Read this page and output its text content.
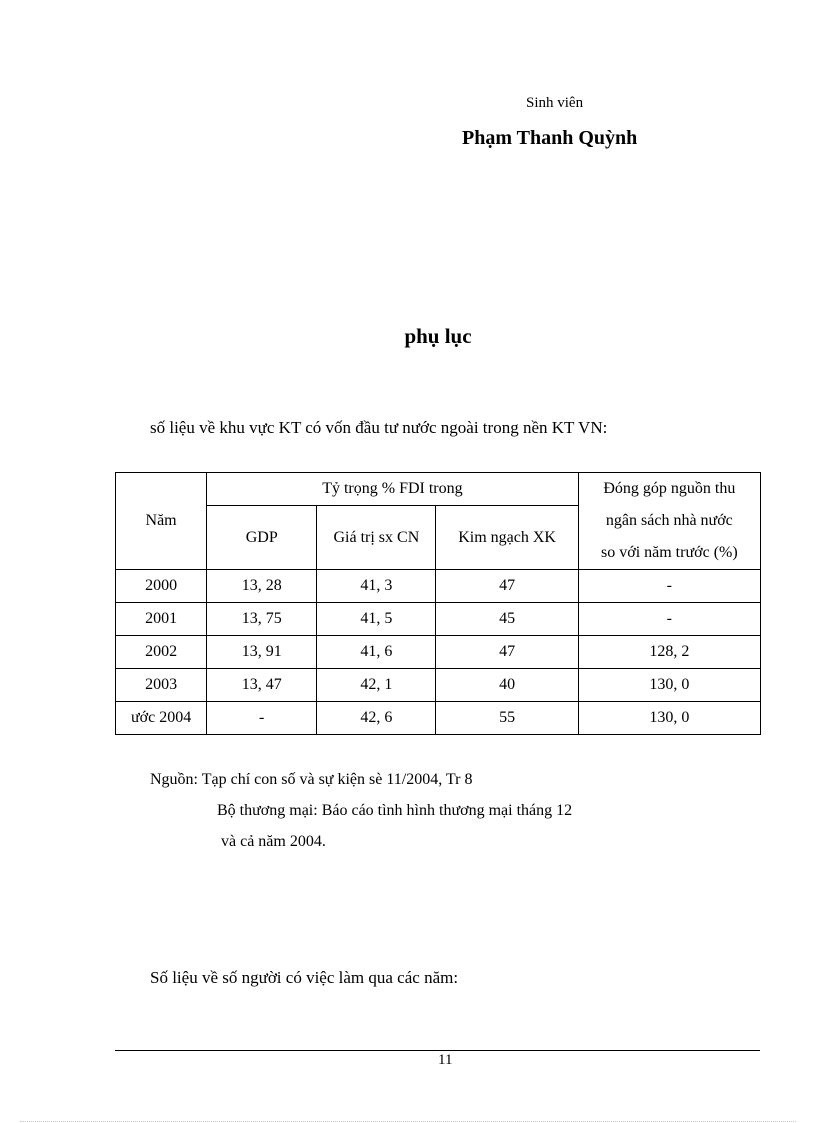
Sinh viên
Phạm Thanh Quỳnh
phụ lục
số liệu về khu vực KT có vốn đầu tư nước ngoài trong nền KT VN:
Năm	Tỷ trọng % FDI trong			Đóng góp nguồn thu
ngân sách nhà nước
so với năm trước (%)

	GDP	Giá trị sx CN	Kim ngạch XK	
2000	13, 28	41, 3	47	-
2001	13, 75	41, 5	45	-
2002	13, 91	41, 6	47	128, 2
2003	13, 47	42, 1	40	130, 0
ước 2004	-	42, 6	55	130, 0
Nguồn: Tạp chí con số và sự kiện sè 11/2004, Tr 8
Bộ thương mại: Báo cáo tình hình thương mại tháng 12
và cả năm 2004.
Số liệu về số người có việc làm qua các năm:
11
